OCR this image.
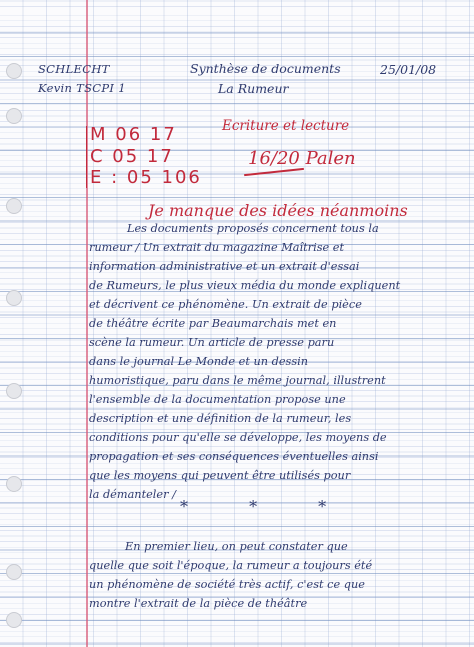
SCHLECHT
Kevin TSCPI 1
Synthèse de documents
La Rumeur
25/01/08
M 06 17
C 05 17
E : 05 106
Ecriture et lecture
16/20 Palen
Je manque des idées néanmoins
Les documents proposés concernent tous la
rumeur / Un extrait du magazine Maîtrise et
information administrative et un extrait d'essai
de Rumeurs, le plus vieux média du monde expliquent
et décrivent ce phénomène. Un extrait de pièce
de théâtre écrite par Beaumarchais met en
scène la rumeur. Un article de presse paru
dans le journal Le Monde et un dessin
humoristique, paru dans le même journal, illustrent
l'ensemble de la documentation propose une
description et une définition de la rumeur, les
conditions pour qu'elle se développe, les moyens de
propagation et ses conséquences éventuelles ainsi
que les moyens qui peuvent être utilisés pour
la démanteler /
* * *
En premier lieu, on peut constater que
quelle que soit l'époque, la rumeur a toujours été
un phénomène de société très actif, c'est ce que
montre l'extrait de la pièce de théâtre
